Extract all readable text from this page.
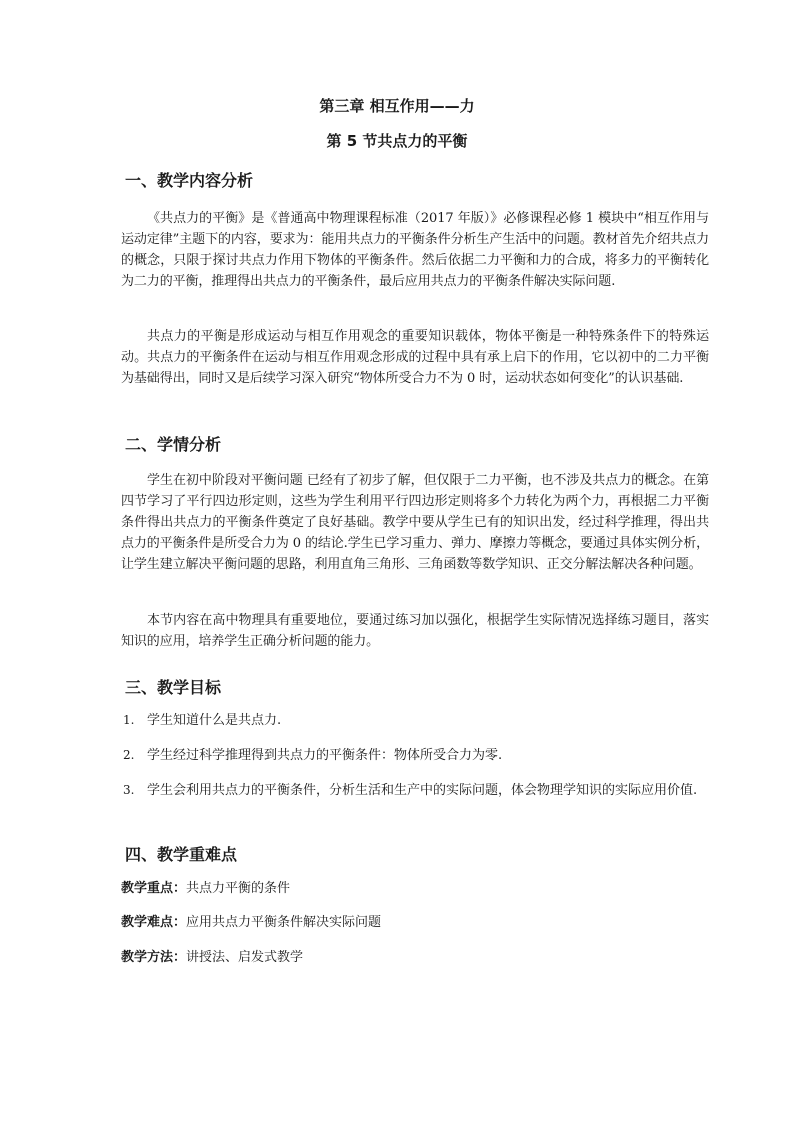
第三章 相互作用——力
第 5 节共点力的平衡
一、教学内容分析
《共点力的平衡》是《普通高中物理课程标准（2017 年版）》必修课程必修 1 模块中“相互作用与运动定律”主题下的内容，要求为：能用共点力的平衡条件分析生产生活中的问题。教材首先介绍共点力的概念，只限于探讨共点力作用下物体的平衡条件。然后依据二力平衡和力的合成，将多力的平衡转化为二力的平衡，推理得出共点力的平衡条件，最后应用共点力的平衡条件解决实际问题.
共点力的平衡是形成运动与相互作用观念的重要知识载体，物体平衡是一种特殊条件下的特殊运动。共点力的平衡条件在运动与相互作用观念形成的过程中具有承上启下的作用，它以初中的二力平衡为基础得出，同时又是后续学习深入研究“物体所受合力不为 0 时，运动状态如何变化”的认识基础.
二、学情分析
学生在初中阶段对平衡问题 已经有了初步了解，但仅限于二力平衡，也不涉及共点力的概念。在第四节学习了平行四边形定则，这些为学生利用平行四边形定则将多个力转化为两个力，再根据二力平衡条件得出共点力的平衡条件奠定了良好基础。教学中要从学生已有的知识出发，经过科学推理，得出共点力的平衡条件是所受合力为 0 的结论.学生已学习重力、弹力、摩擦力等概念，要通过具体实例分析，让学生建立解决平衡问题的思路，利用直角三角形、三角函数等数学知识、正交分解法解决各种问题。
本节内容在高中物理具有重要地位，要通过练习加以强化，根据学生实际情况选择练习题目，落实知识的应用，培养学生正确分析问题的能力。
三、教学目标
1. 学生知道什么是共点力.
2. 学生经过科学推理得到共点力的平衡条件：物体所受合力为零.
3. 学生会利用共点力的平衡条件，分析生活和生产中的实际问题，体会物理学知识的实际应用价值.
四、教学重难点
教学重点：共点力平衡的条件
教学难点：应用共点力平衡条件解决实际问题
教学方法：讲授法、启发式教学
